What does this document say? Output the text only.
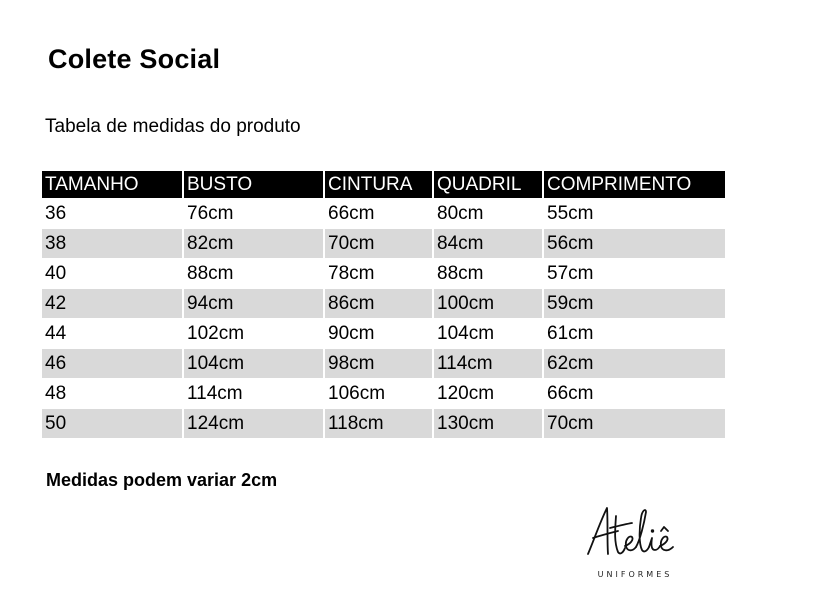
Colete Social
Tabela de medidas do produto
TAMANHO	BUSTO	CINTURA	QUADRIL	COMPRIMENTO
36	76cm	66cm	80cm	55cm
38	82cm	70cm	84cm	56cm
40	88cm	78cm	88cm	57cm
42	94cm	86cm	100cm	59cm
44	102cm	90cm	104cm	61cm
46	104cm	98cm	114cm	62cm
48	114cm	106cm	120cm	66cm
50	124cm	118cm	130cm	70cm
Medidas podem variar 2cm
UNIFORMES
